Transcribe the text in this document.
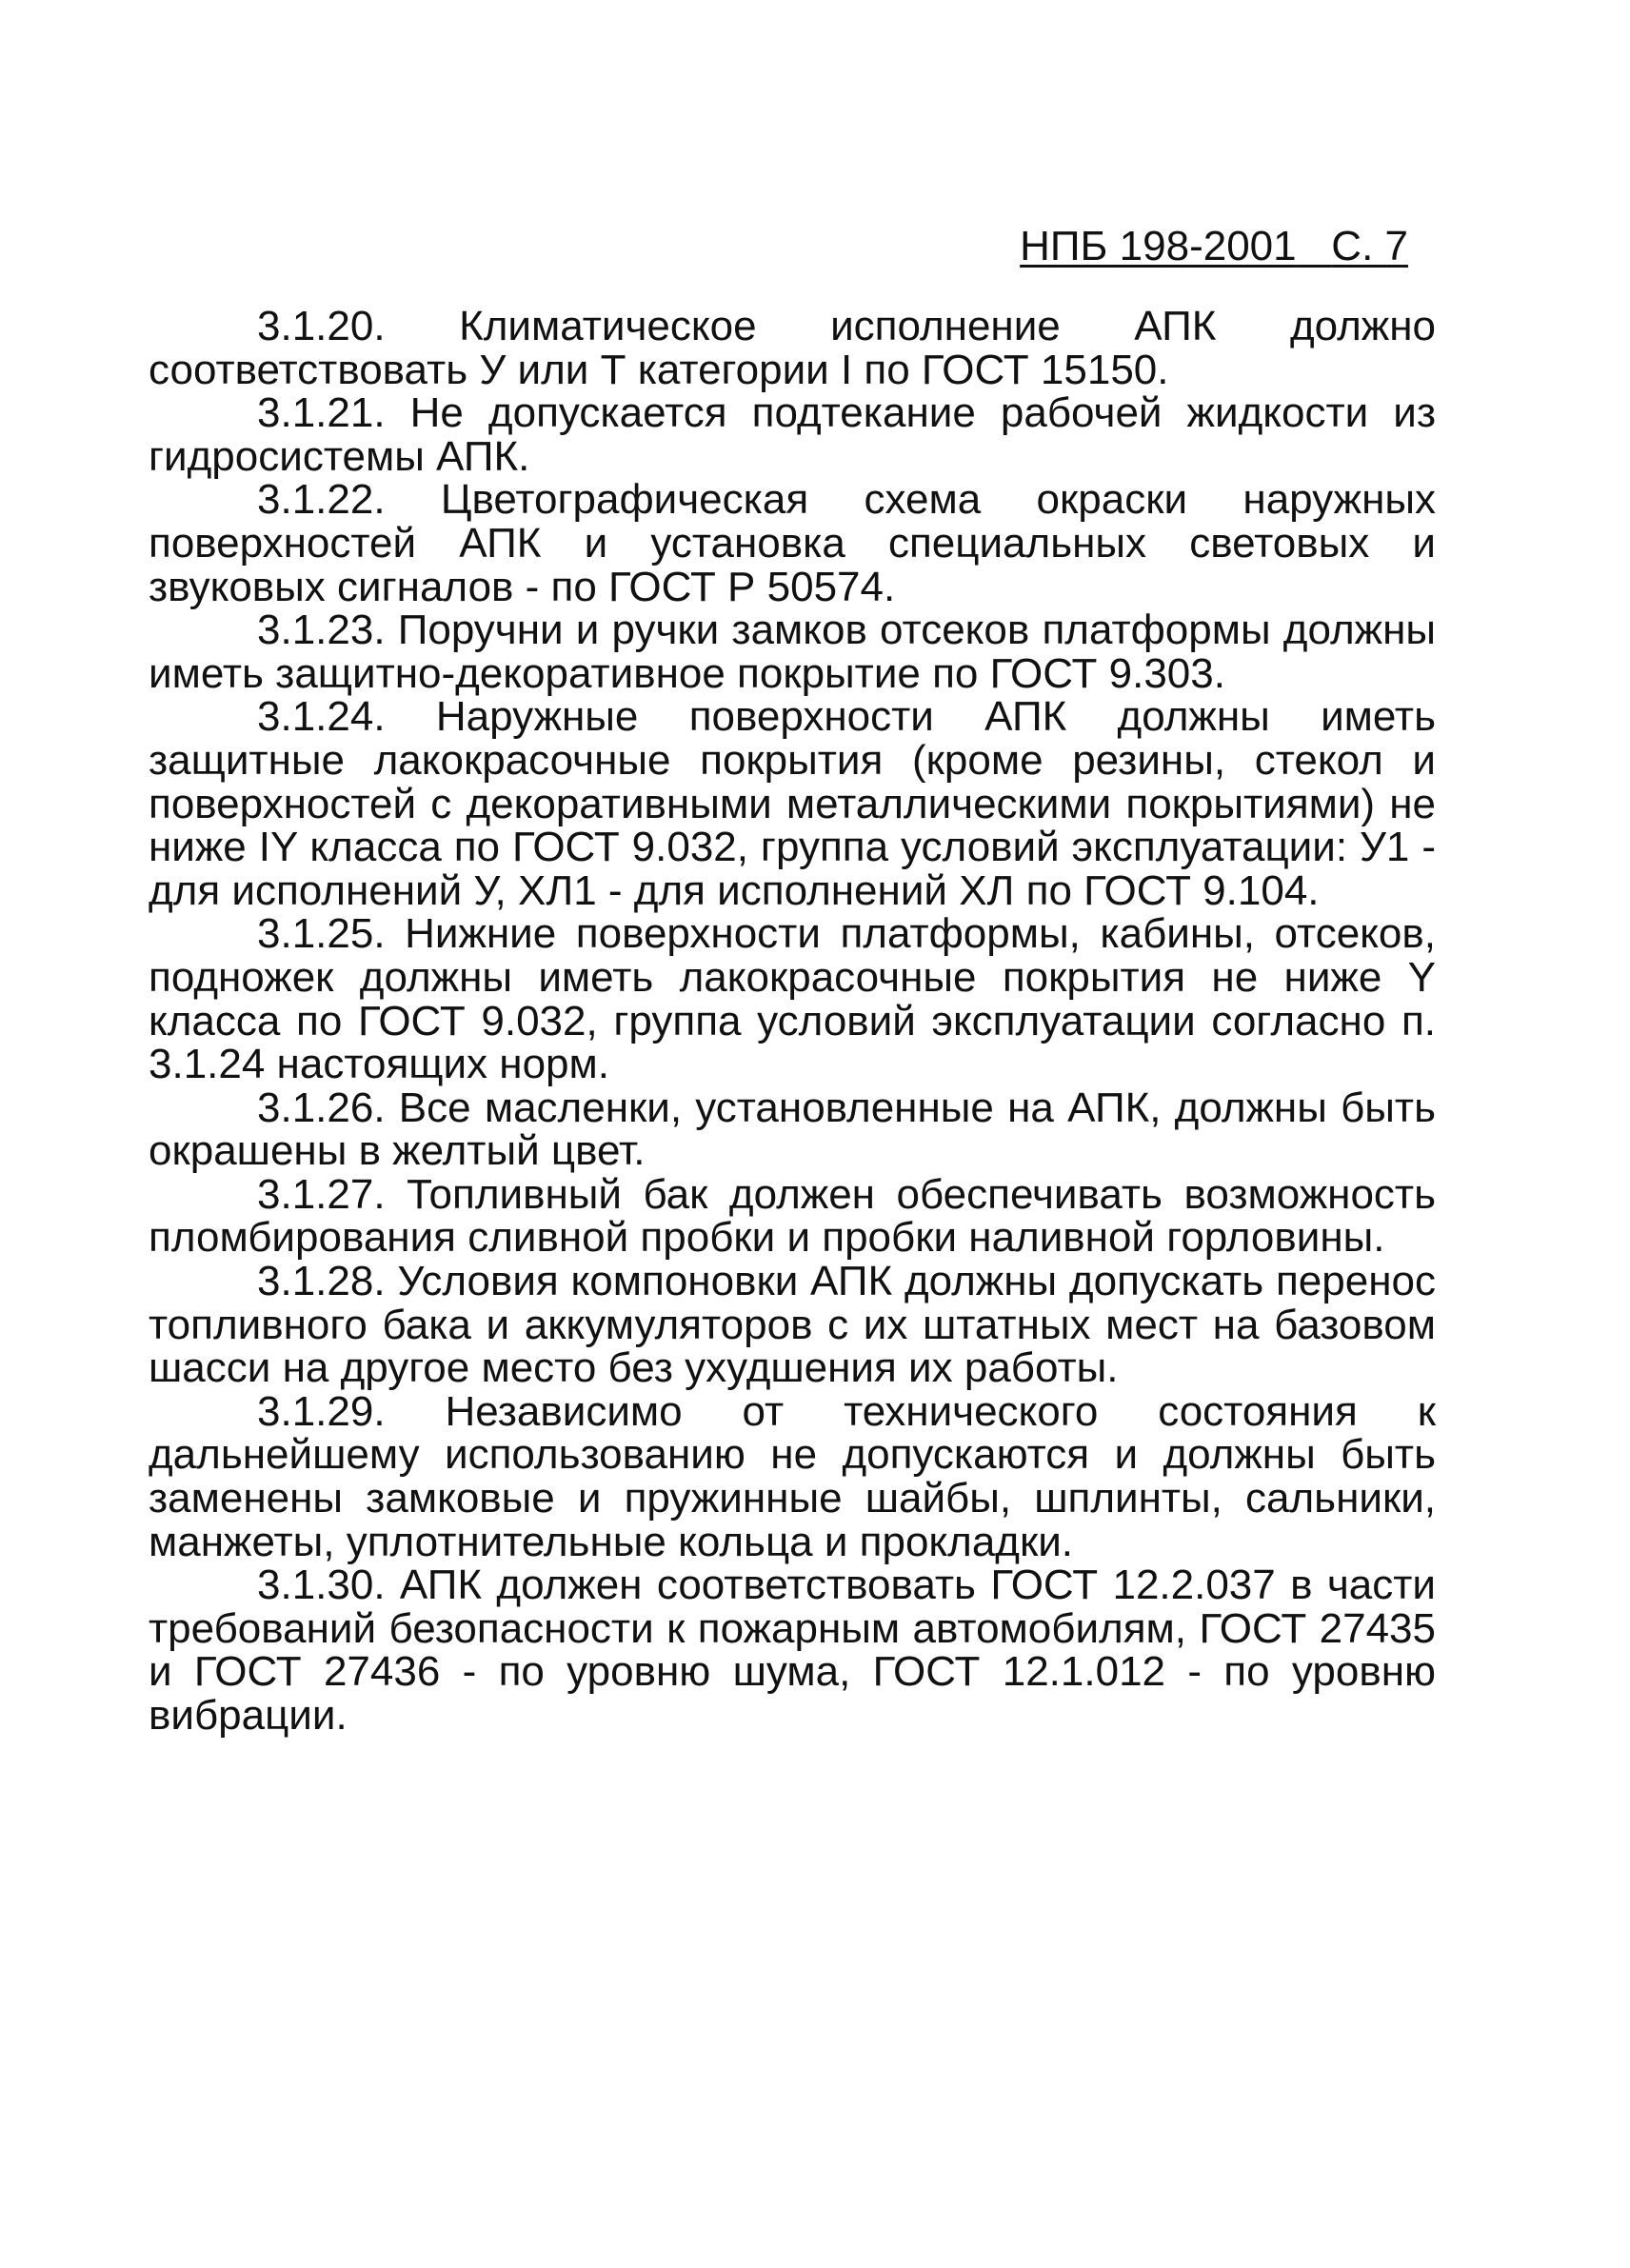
НПБ 198-2001 С. 7

3.1.20. Климатическое исполнение АПК должно соответствовать У или Т категории I по ГОСТ 15150.

3.1.21. Не допускается подтекание рабочей жидкости из гидросистемы АПК.

3.1.22. Цветографическая схема окраски наружных поверхностей АПК и установка специальных световых и звуковых сигналов - по ГОСТ Р 50574.

3.1.23. Поручни и ручки замков отсеков платформы должны иметь защитно-декоративное покрытие по ГОСТ 9.303.

3.1.24. Наружные поверхности АПК должны иметь защитные лакокрасочные покрытия (кроме резины, стекол и поверхностей с декоративными металлическими покрытиями) не ниже IY класса по ГОСТ 9.032, группа условий эксплуатации: У1 - для исполнений У, ХЛ1 - для исполнений ХЛ по ГОСТ 9.104.

3.1.25. Нижние поверхности платформы, кабины, отсеков, подножек должны иметь лакокрасочные покрытия не ниже Y класса по ГОСТ 9.032, группа условий эксплуатации согласно п. 3.1.24 настоящих норм.

3.1.26. Все масленки, установленные на АПК, должны быть окрашены в желтый цвет.

3.1.27. Топливный бак должен обеспечивать возможность пломбирования сливной пробки и пробки наливной горловины.

3.1.28. Условия компоновки АПК должны допускать перенос топливного бака и аккумуляторов с их штатных мест на базовом шасси на другое место без ухудшения их работы.

3.1.29. Независимо от технического состояния к дальнейшему использованию не допускаются и должны быть заменены замковые и пружинные шайбы, шплинты, сальники, манжеты, уплотнительные кольца и прокладки.

3.1.30. АПК должен соответствовать ГОСТ 12.2.037 в части требований безопасности к пожарным автомобилям, ГОСТ 27435 и ГОСТ 27436 - по уровню шума, ГОСТ 12.1.012 - по уровню вибрации.
